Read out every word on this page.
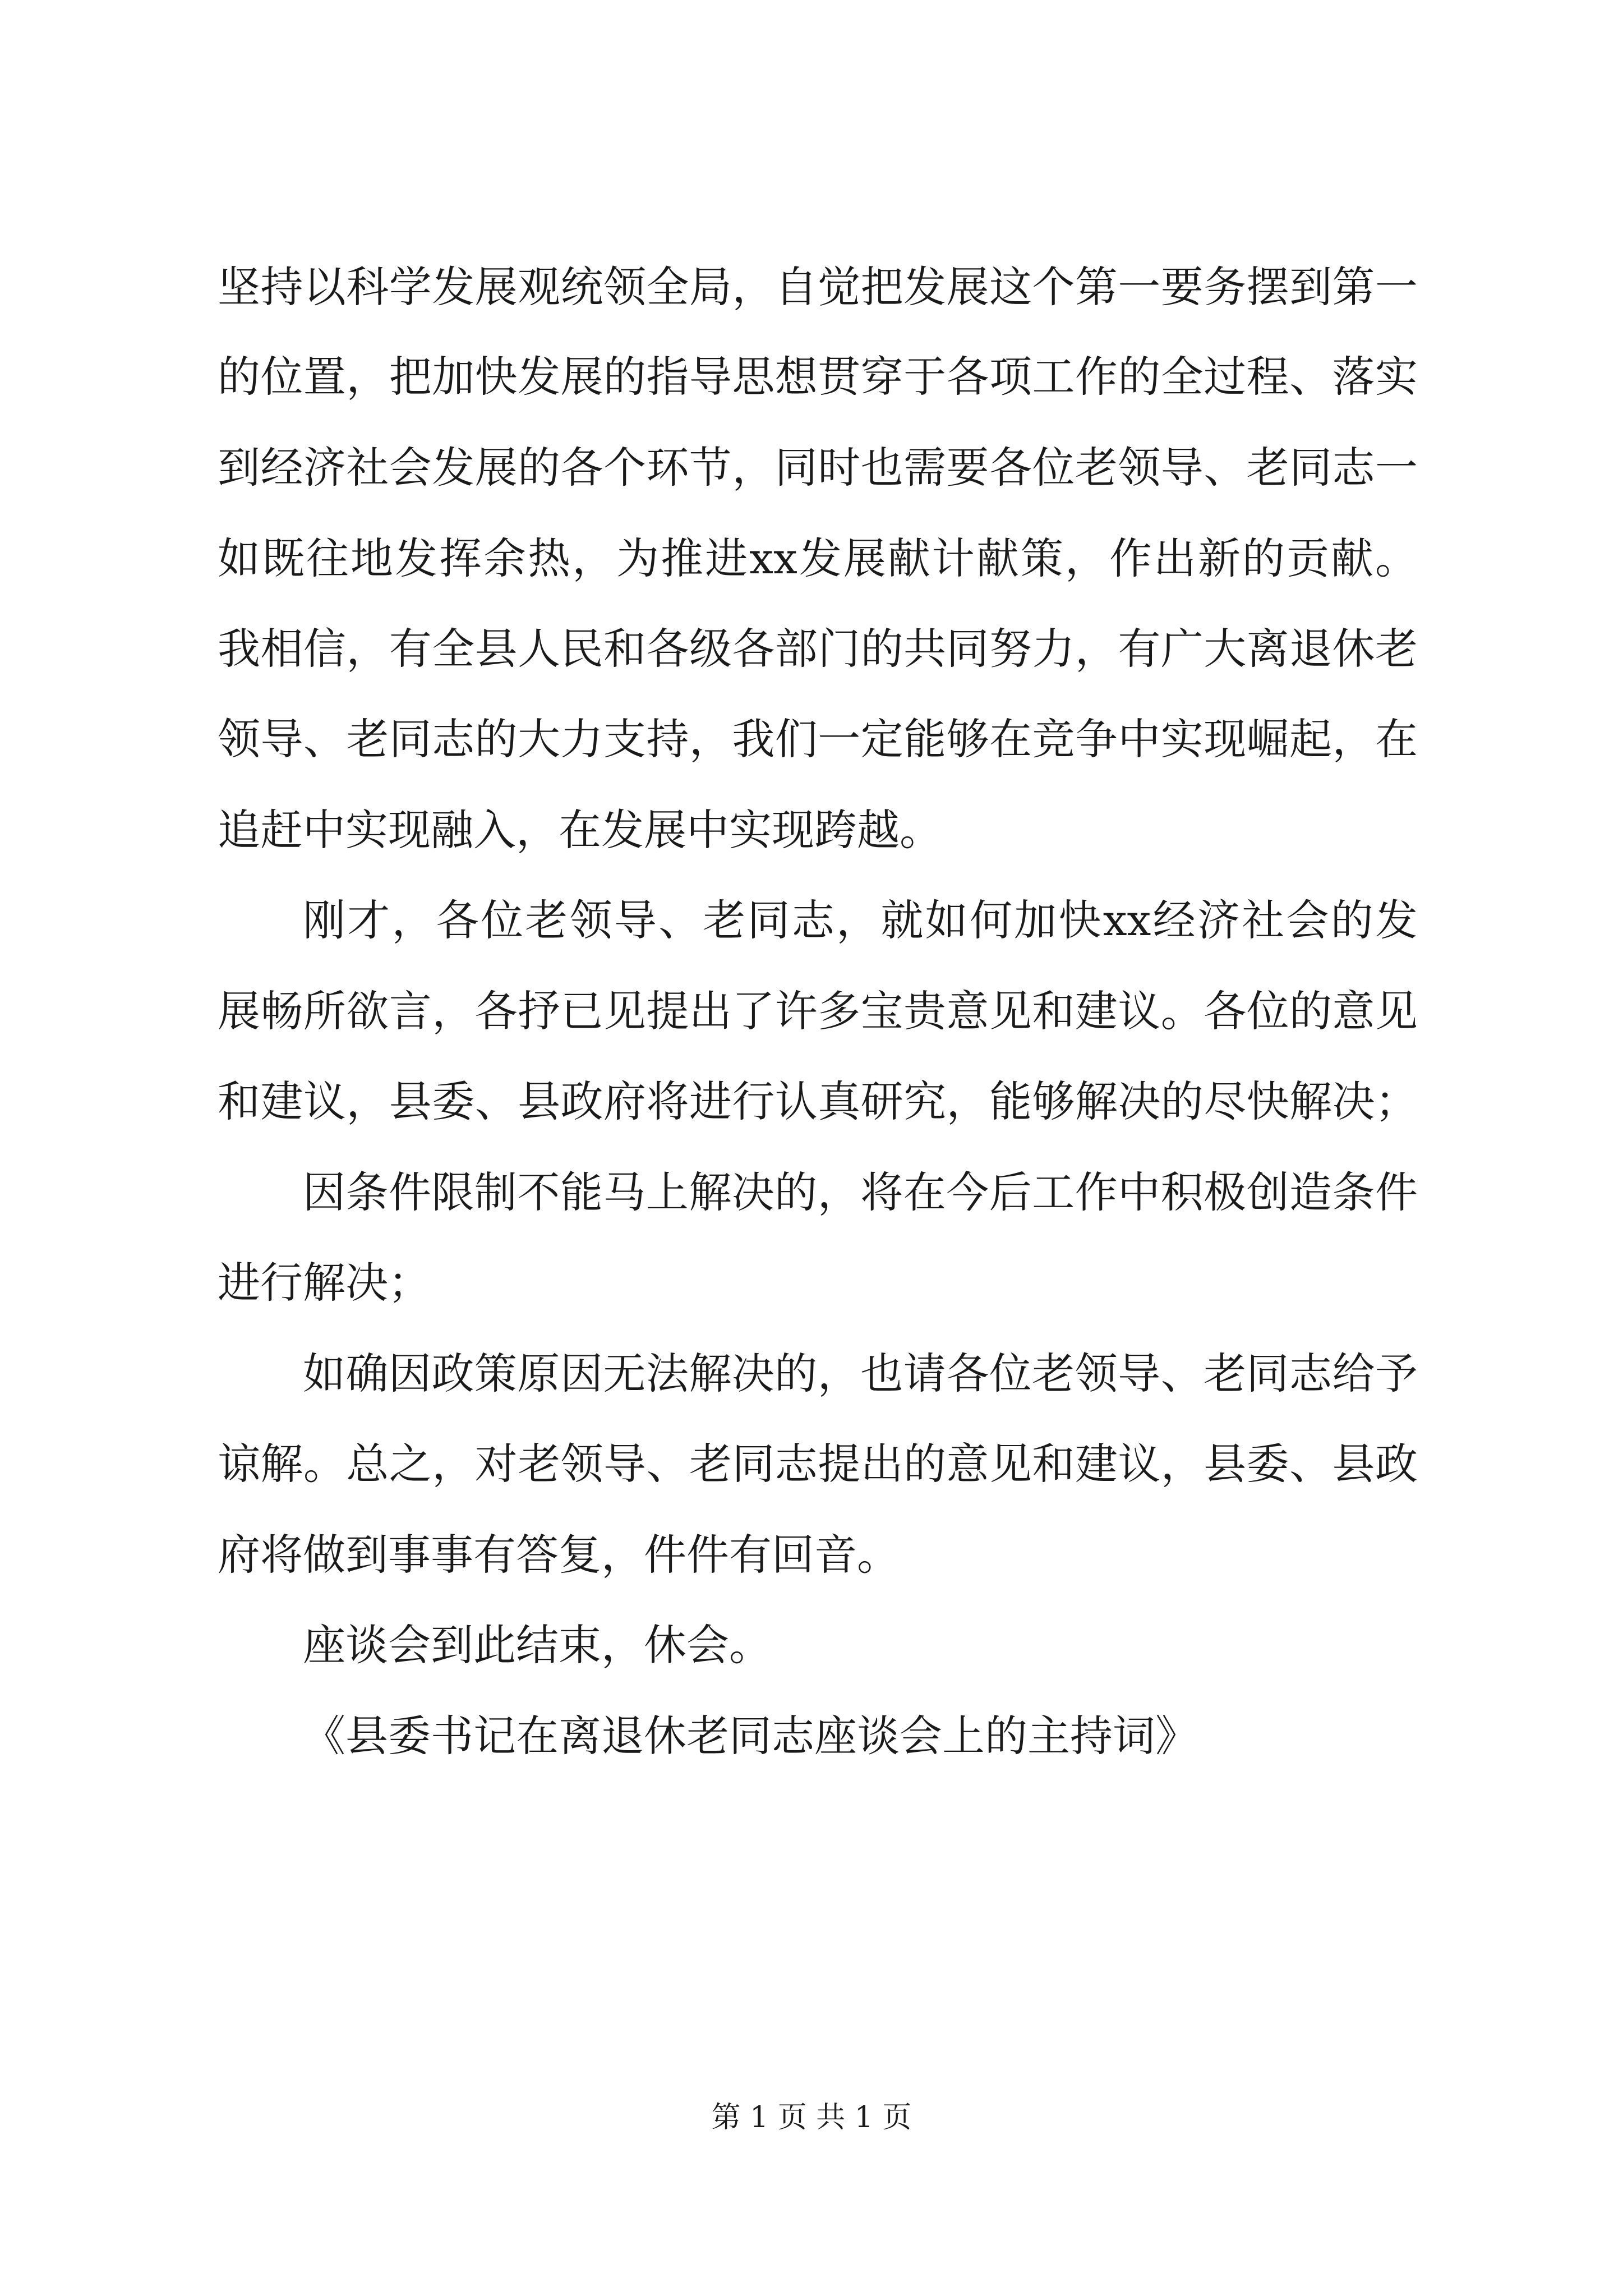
坚持以科学发展观统领全局，自觉把发展这个第一要务摆到第一
的位置，把加快发展的指导思想贯穿于各项工作的全过程、落实
到经济社会发展的各个环节，同时也需要各位老领导、老同志一
如既往地发挥余热，为推进xx发展献计献策，作出新的贡献。
我相信，有全县人民和各级各部门的共同努力，有广大离退休老
领导、老同志的大力支持，我们一定能够在竞争中实现崛起，在
追赶中实现融入，在发展中实现跨越。
刚才，各位老领导、老同志，就如何加快xx经济社会的发
展畅所欲言，各抒已见提出了许多宝贵意见和建议。各位的意见
和建议，县委、县政府将进行认真研究，能够解决的尽快解决；
因条件限制不能马上解决的，将在今后工作中积极创造条件
进行解决；
如确因政策原因无法解决的，也请各位老领导、老同志给予
谅解。总之，对老领导、老同志提出的意见和建议，县委、县政
府将做到事事有答复，件件有回音。
座谈会到此结束，休会。
《县委书记在离退休老同志座谈会上的主持词》
第 1 页 共 1 页
